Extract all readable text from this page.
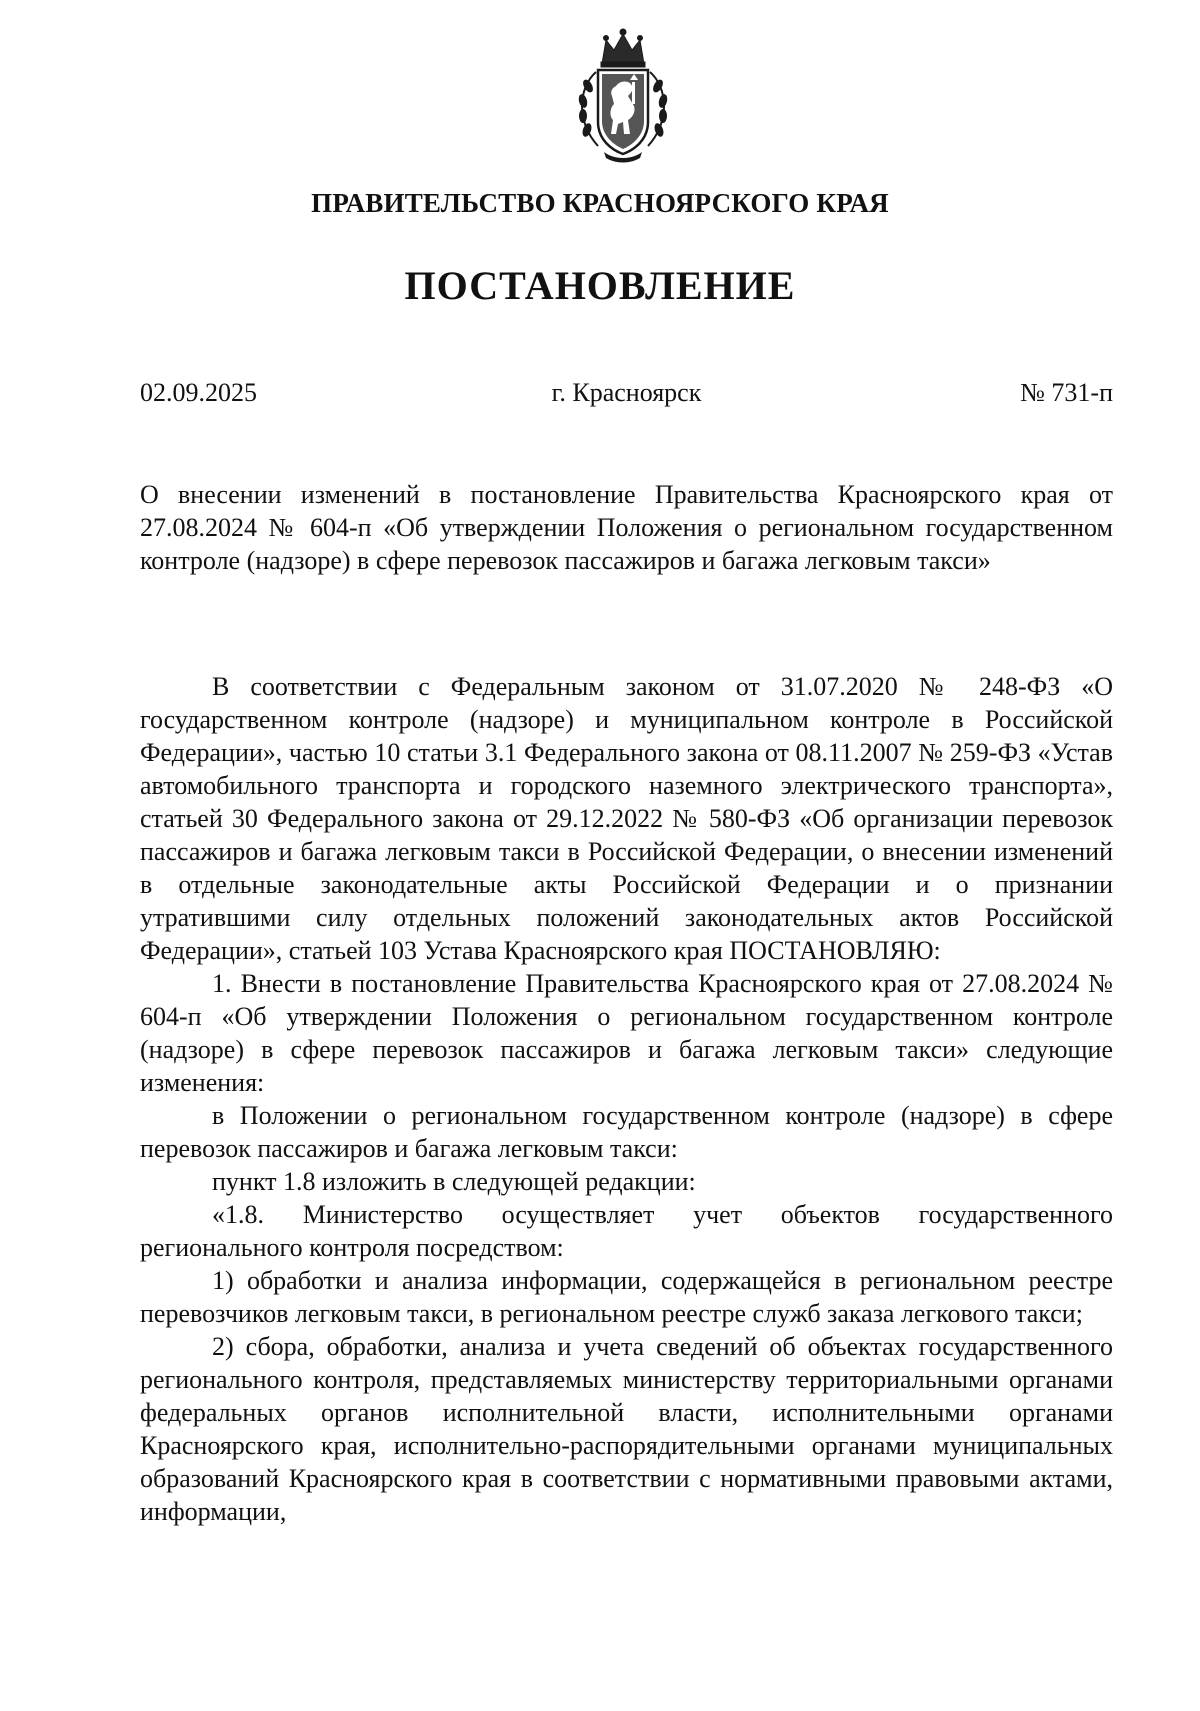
ПРАВИТЕЛЬСТВО КРАСНОЯРСКОГО КРАЯ
ПОСТАНОВЛЕНИЕ
02.09.2025	г. Красноярск	№ 731-п
О внесении изменений в постановление Правительства Красноярского края от 27.08.2024 № 604-п «Об утверждении Положения о региональном государственном контроле (надзоре) в сфере перевозок пассажиров и багажа легковым такси»

В соответствии с Федеральным законом от 31.07.2020 № 248-ФЗ «О государственном контроле (надзоре) и муниципальном контроле в Российской Федерации», частью 10 статьи 3.1 Федерального закона от 08.11.2007 № 259-ФЗ «Устав автомобильного транспорта и городского наземного электрического транспорта», статьей 30 Федерального закона от 29.12.2022 № 580-ФЗ «Об организации перевозок пассажиров и багажа легковым такси в Российской Федерации, о внесении изменений в отдельные законодательные акты Российской Федерации и о признании утратившими силу отдельных положений законодательных актов Российской Федерации», статьей 103 Устава Красноярского края ПОСТАНОВЛЯЮ:

1. Внести в постановление Правительства Красноярского края от 27.08.2024 № 604-п «Об утверждении Положения о региональном государственном контроле (надзоре) в сфере перевозок пассажиров и багажа легковым такси» следующие изменения:

в Положении о региональном государственном контроле (надзоре) в сфере перевозок пассажиров и багажа легковым такси:

пункт 1.8 изложить в следующей редакции:

«1.8. Министерство осуществляет учет объектов государственного регионального контроля посредством:

1) обработки и анализа информации, содержащейся в региональном реестре перевозчиков легковым такси, в региональном реестре служб заказа легкового такси;

2) сбора, обработки, анализа и учета сведений об объектах государственного регионального контроля, представляемых министерству территориальными органами федеральных органов исполнительной власти, исполнительными органами Красноярского края, исполнительно-распорядительными органами муниципальных образований Красноярского края в соответствии с нормативными правовыми актами, информации,
